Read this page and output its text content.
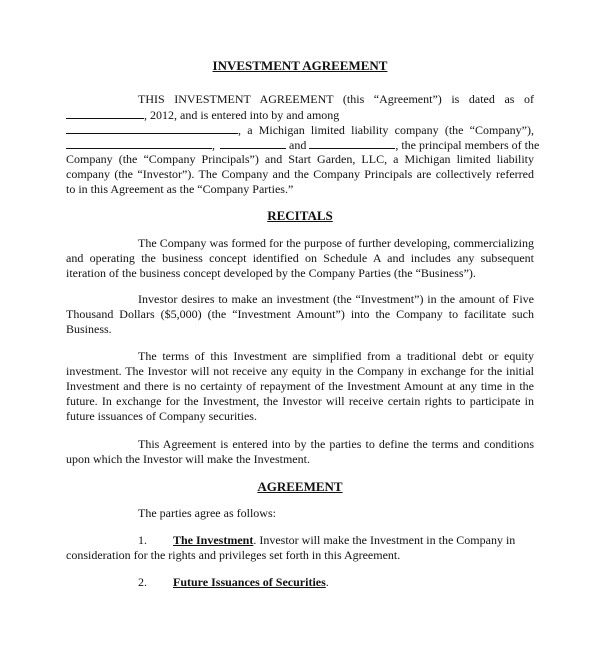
INVESTMENT AGREEMENT
THIS INVESTMENT AGREEMENT (this “Agreement”) is dated as of
, 2012, and is entered into by and among
, a Michigan limited liability company (the “Company”),
,	and	, the principal members of the
Company (the “Company Principals”) and Start Garden, LLC, a Michigan limited liability
company (the “Investor”). The Company and the Company Principals are collectively referred
to in this Agreement as the “Company Parties.”
RECITALS
The Company was formed for the purpose of further developing, commercializing
and operating the business concept identified on Schedule A and includes any subsequent
iteration of the business concept developed by the Company Parties (the “Business”).
Investor desires to make an investment (the “Investment”) in the amount of Five
Thousand Dollars ($5,000) (the “Investment Amount”) into the Company to facilitate such
Business.
The terms of this Investment are simplified from a traditional debt or equity
investment. The Investor will not receive any equity in the Company in exchange for the initial
Investment and there is no certainty of repayment of the Investment Amount at any time in the
future. In exchange for the Investment, the Investor will receive certain rights to participate in
future issuances of Company securities.
This Agreement is entered into by the parties to define the terms and conditions
upon which the Investor will make the Investment.
AGREEMENT
The parties agree as follows:
1. The Investment. Investor will make the Investment in the Company in
consideration for the rights and privileges set forth in this Agreement.
2. Future Issuances of Securities.
